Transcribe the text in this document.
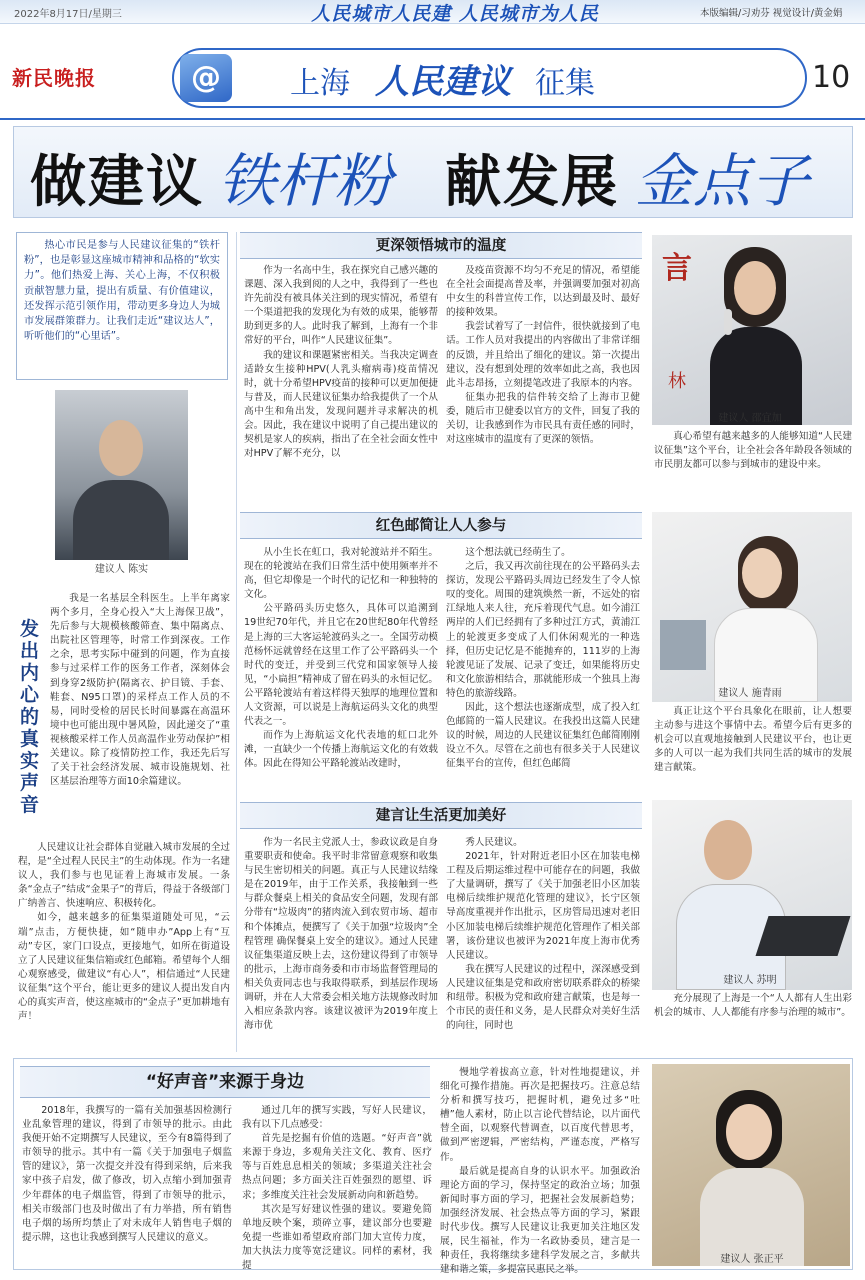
2022年8月17日/星期三	人民城市人民建 人民城市为人民	本版编辑/习劝芬 视觉设计/黄金娟
新民晚报	@	上海 人民建议 征集	10
做建议 铁杆粉 献发展 金点子
热心市民是参与人民建议征集的“铁杆粉”，也是彰显这座城市精神和品格的“软实力”。他们热爱上海、关心上海，不仅积极贡献智慧力量，提出有质量、有价值建议，还发挥示范引领作用，带动更多身边人为城市发展群策群力。让我们走近“建议达人”，听听他们的“心里话”。
建议人 陈实
发出内心的真实声音

我是一名基层全科医生。上半年离家两个多月，全身心投入“大上海保卫战”，先后参与大规模核酸筛查、集中隔离点、出院社区管理等，时常工作到深夜。工作之余，思考实际中碰到的问题，作为直接参与过采样工作的医务工作者，深刻体会到身穿2级防护(隔离衣、护目镜、手套、鞋套、N95口罩)的采样点工作人员的不易，同时受检的居民长时间暴露在高温环境中也可能出现中暑风险，因此递交了“重视核酸采样工作人员高温作业劳动保护”相关建议。除了疫情防控工作，我还先后写了关于社会经济发展、城市设施规划、社区基层治理等方面10余篇建议。

人民建议让社会群体自觉融入城市发展的全过程，是“全过程人民民主”的生动体现。作为一名建议人，我们参与也见证着上海城市发展。一条条“金点子”结成“金果子”的背后，得益于各级部门广纳善言、快速响应、积极转化。

如今，越来越多的征集渠道随处可见，“云端”点击，方便快捷，如“随申办”App上有“互动”专区，家门口设点，更接地气，如所在街道设立了人民建议征集信箱或红色邮箱。希望每个人细心观察感受，做建议“有心人”，相信通过“人民建议征集”这个平台，能让更多的建议人提出发自内心的真实声音，使这座城市的“金点子”更加耕地有声！

更深领悟城市的温度

作为一名高中生，我在探究自己感兴趣的课题、深入我到阅的人之中，我得到了一些也许先前没有被具体关注到的现实情况，希望有一个渠道把我的发现化为有效的成果，能够帮助到更多的人。此时我了解到，上海有一个非常好的平台，叫作“人民建议征集”。

我的建议和课题紧密相关。当我决定调查适龄女生接种HPV(人乳头瘤病毒)疫苗情况时，就十分希望HPV疫苗的接种可以更加便捷与普及，而人民建议征集办给我提供了一个从高中生和角出发，发现问题并寻求解决的机会。因此，我在建议中说明了自己提出建议的契机是家人的疾病，指出了在全社会面女性中对HPV了解不充分，以

及疫苗资源不均匀不充足的情况，希望能在全社会面提高普及率，并强调要加强对初高中女生的科普宣传工作，以达到最及时、最好的接种效果。

我尝试着写了一封信件，很快就接到了电话。工作人员对我提出的内容做出了非常详细的反馈，并且给出了细化的建议。第一次提出建议，没有想到处理的效率如此之高，我也因此斗志昂扬，立刻提笔改进了我原本的内容。

征集办把我的信件转交给了上海市卫健委，随后市卫健委以官方的文件，回复了我的关切，让我感到作为市民具有责任感的同时，对这座城市的温度有了更深的领悟。

言
林
建议人 邵宜加

真心希望有越来越多的人能够知道“人民建议征集”这个平台，让全社会各年龄段各领域的市民朋友都可以参与到城市的建设中来。

红色邮简让人人参与

从小生长在虹口，我对轮渡站并不陌生。现在的轮渡站在我们日常生活中使用频率并不高，但它却像是一个时代的记忆和一种独特的文化。

公平路码头历史悠久，具体可以追溯到19世纪70年代，并且它在20世纪80年代曾经是上海的三大客运轮渡码头之一。全国劳动模范杨怀远就曾经在这里工作了公平路码头一个时代的变迁，并受到三代党和国家领导人接见，“小扁担”精神成了留在码头的永恒记忆。公平路轮渡站有着这样得天独厚的地理位置和人文资源，可以说是上海航运码头文化的典型代表之一。

而作为上海航运文化代表地的虹口北外滩，一直缺少一个传播上海航运文化的有效载体。因此在得知公平路轮渡站改建时，

这个想法就已经萌生了。

之后，我又再次前往现在的公平路码头去探访，发现公平路码头周边已经发生了令人惊叹的变化。周围的建筑焕然一新，不远处的宿江绿地人来人往，充斥着现代气息。如今浦江两岸的人们已经拥有了多种过江方式，黄浦江上的轮渡更多变成了人们休闲观光的一种选择，但历史记忆是不能抛弃的，111岁的上海轮渡见证了发展、记录了变迁，如果能将历史和文化旅游相结合，那就能形成一个独具上海特色的旅游线路。

因此，这个想法也逐渐成型，成了投入红色邮简的一篇人民建议。在我投出这篇人民建议的时候，周边的人民建议征集红色邮简刚刚设立不久。尽管在之前也有很多关于人民建议征集平台的宣传，但红色邮简

建议人 施青雨

真正让这个平台具象化在眼前，让人想要主动参与进这个事情中去。希望今后有更多的机会可以直观地接触到人民建议平台，也让更多的人可以一起为我们共同生活的城市的发展建言献策。

建言让生活更加美好

作为一名民主党派人士，参政议政是自身重要职责和使命。我平时非常留意观察和收集与民生密切相关的问题。真正与人民建议结缘是在2019年，由于工作关系，我接触到一些与群众餐桌上相关的食品安全问题，发现有部分带有“垃圾肉”的猪肉流入到农贸市场、超市和个体摊点，便撰写了《关于加强“垃圾肉”全程管理 确保餐桌上安全的建议》。通过人民建议征集渠道反映上去，这份建议得到了市领导的批示，上海市商务委和市市场监督管理局的相关负责同志也与我取得联系，到基层作现场调研，并在人大常委会相关地方法规修改时加入相应条款内容。该建议被评为2019年度上海市优

秀人民建议。

2021年，针对附近老旧小区在加装电梯工程及后期运维过程中可能存在的问题，我做了大量调研，撰写了《关于加强老旧小区加装电梯后续维护规范化管理的建议》，长宁区领导高度重视并作出批示，区房管局迅速对老旧小区加装电梯后续维护规范化管理作了相关部署，该份建议也被评为2021年度上海市优秀人民建议。

我在撰写人民建议的过程中，深深感受到人民建议征集是党和政府密切联系群众的桥梁和纽带。积极为党和政府建言献策，也是每一个市民的责任和义务，是人民群众对美好生活的向往，同时也

建议人 苏明

充分展现了上海是一个“人人都有人生出彩机会的城市、人人都能有序参与治理的城市”。

“好声音”来源于身边

2018年，我撰写的一篇有关加强基因检测行业乱象管理的建议，得到了市领导的批示。由此我便开始不定期撰写人民建议，至今有8篇得到了市领导的批示。其中有一篇《关于加强电子烟监管的建议》，第一次提交并没有得到采纳，后来我家中孩子启发，做了修改，切入点缩小到加强青少年群体的电子烟监管，得到了市领导的批示，相关市级部门也及时做出了有力举措，所有销售电子烟的场所均禁止了对未成年人销售电子烟的提示牌，这也让我感到撰写人民建议的意义。

通过几年的撰写实践，写好人民建议，我有以下几点感受：

首先是挖掘有价值的选题。“好声音”就来源于身边，多观角关注文化、教育、医疗等与百姓息息相关的领域；多渠道关注社会热点问题；多方面关注百姓强烈的愿望、诉求；多维度关注社会发展新动向和新趋势。

其次是写好建议性强的建议。要避免简单地反映个案，琐碎立事，建议部分也要避免提一些谁如希望政府部门加大宣传力度，加大执法力度等宽泛建议。同样的素材，我提

慢地学着拔高立意，针对性地提建议，并细化可操作措施。再次是把握技巧。注意总结分析和撰写技巧，把握时机，避免过多“吐槽”他人素材，防止以言论代替结论，以片面代替全面，以观察代替调查，以百度代替思考，做到严密逻辑，严密结构，严谨态度，严格写作。

最后就是提高自身的认识水平。加强政治理论方面的学习，保持坚定的政治立场；加强新闻时事方面的学习，把握社会发展新趋势；加强经济发展、社会热点等方面的学习，紧跟时代步伐。撰写人民建议让我更加关注地区发展，民生福祉，作为一名政协委员，建言是一种责任，我将继续多建科学发展之言，多献共建和谐之策，多提富民惠民之举。

建议人 张正平
